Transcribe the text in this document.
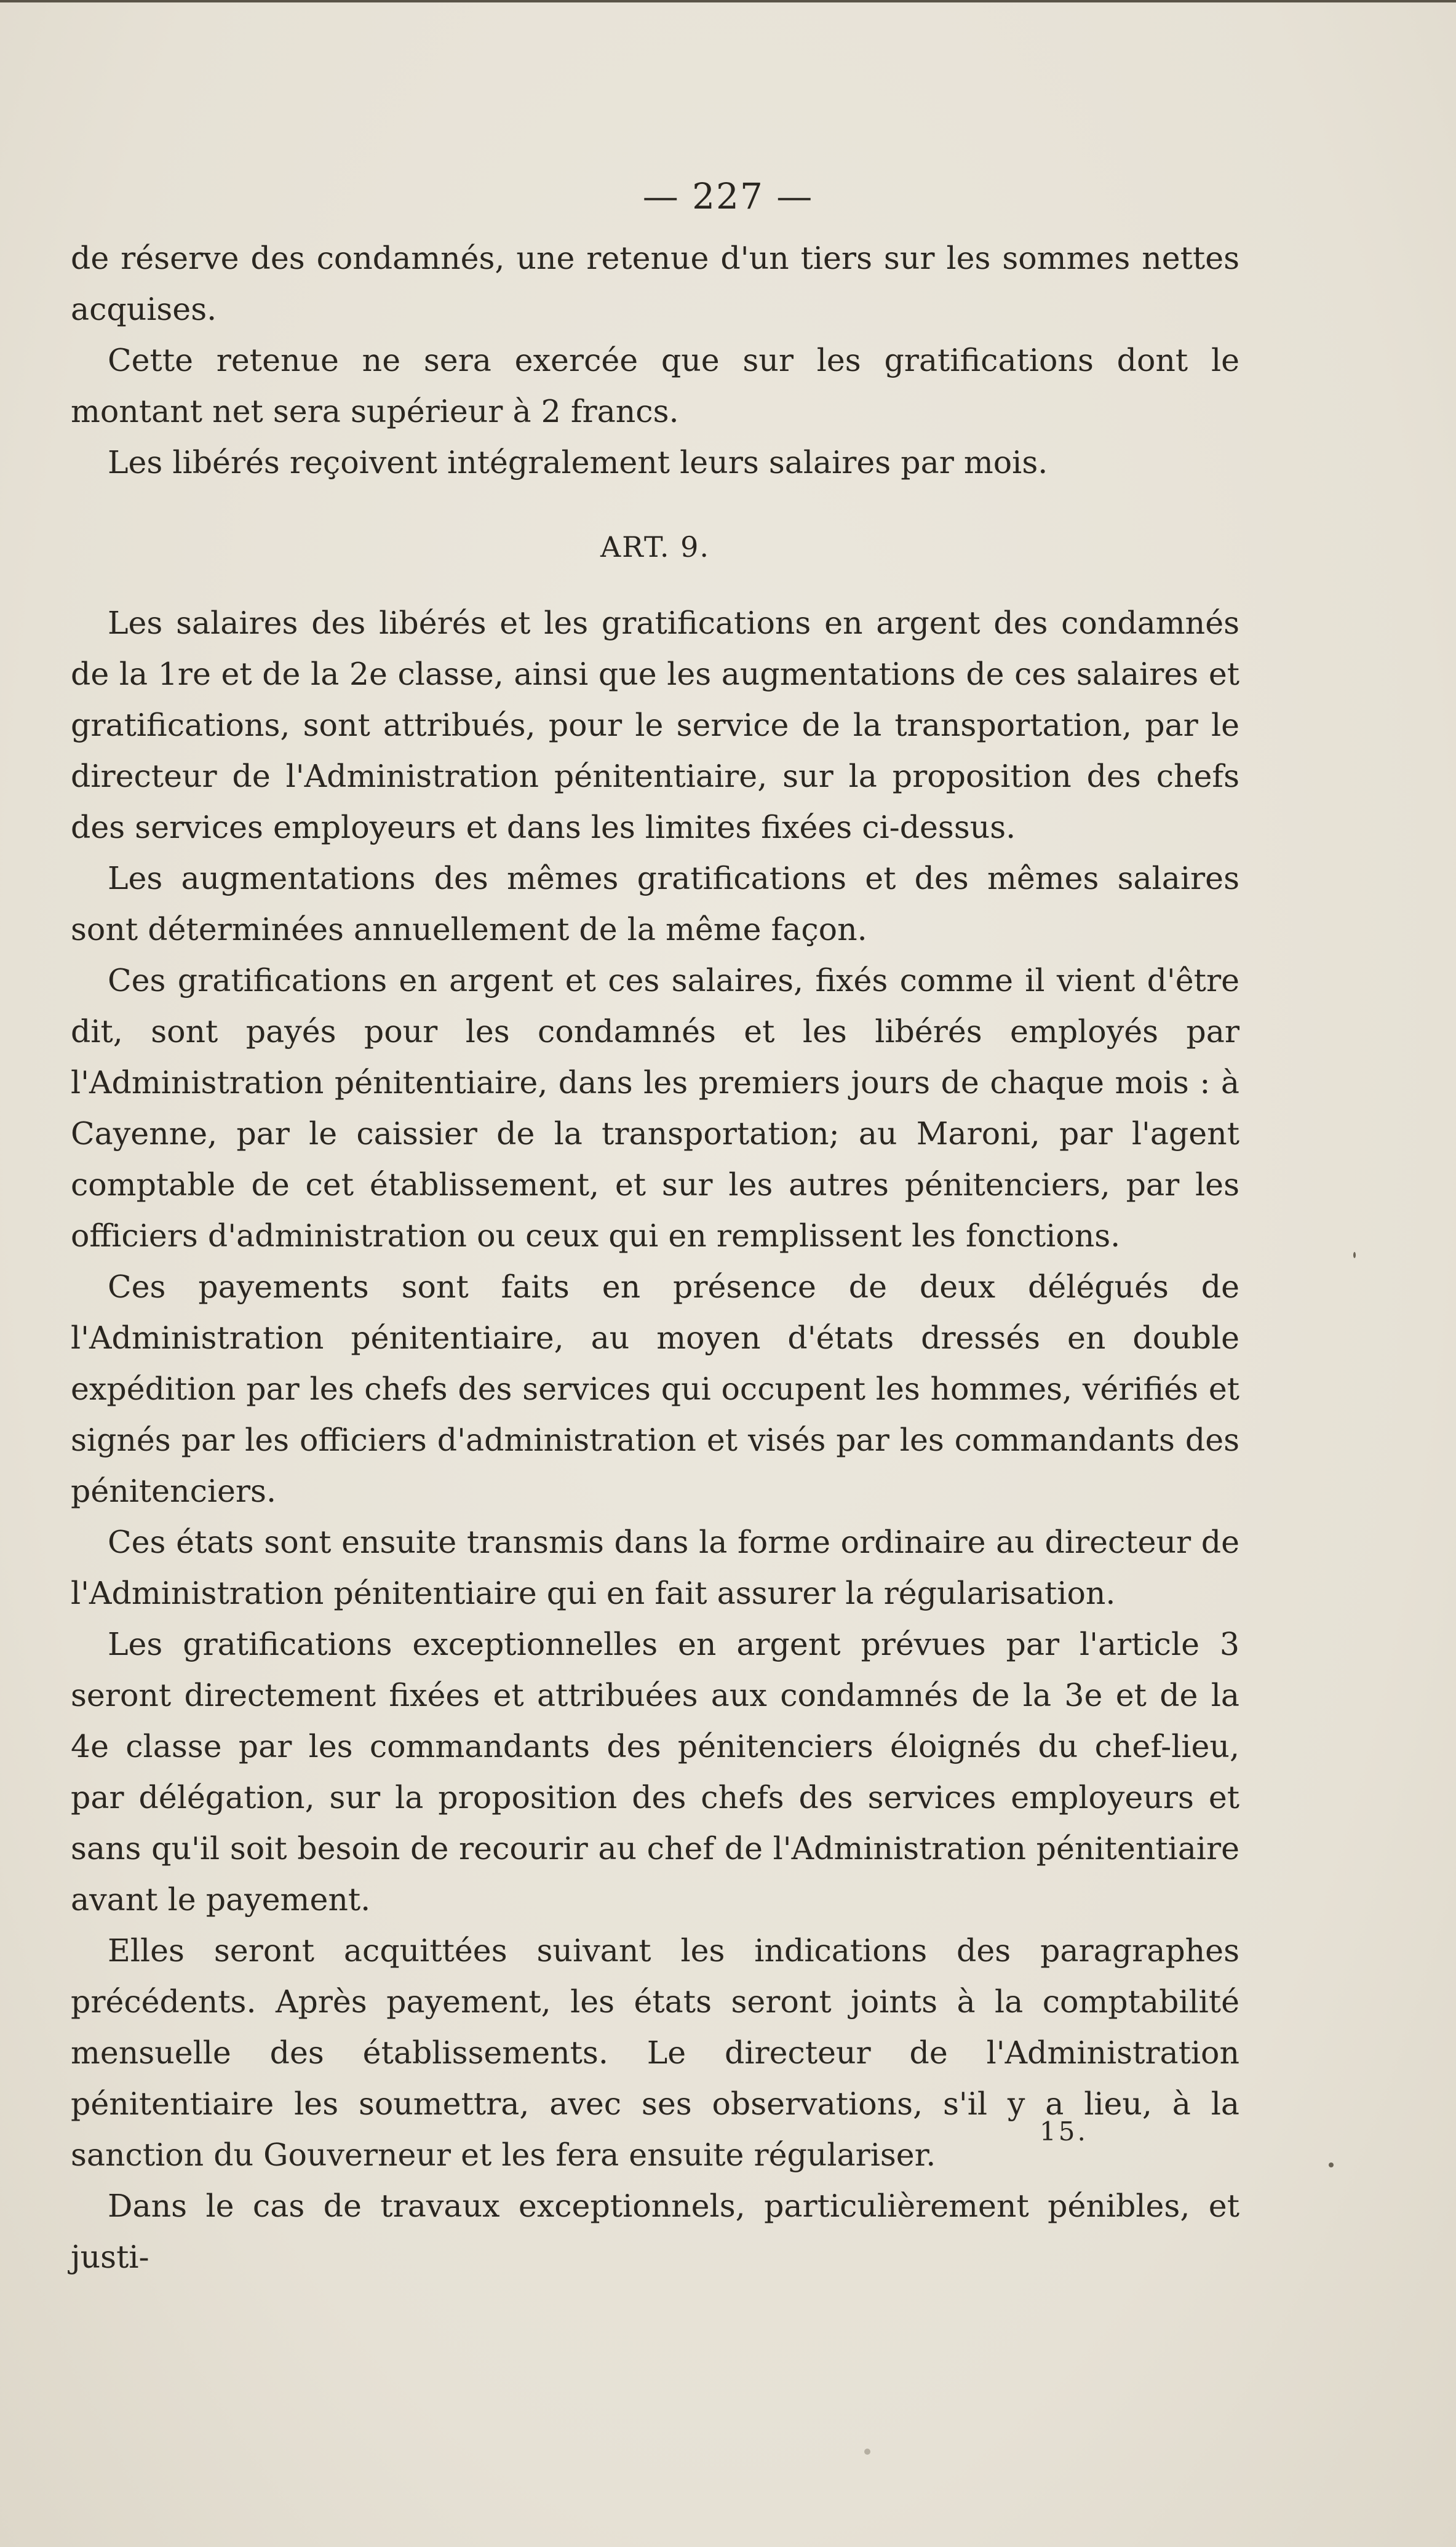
— 227 —

de réserve des condamnés, une retenue d'un tiers sur les sommes nettes acquises.

Cette retenue ne sera exercée que sur les gratifications dont le montant net sera supérieur à 2 francs.

Les libérés reçoivent intégralement leurs salaires par mois.

ART. 9.

Les salaires des libérés et les gratifications en argent des condamnés de la 1re et de la 2e classe, ainsi que les augmentations de ces salaires et gratifications, sont attribués, pour le service de la transportation, par le directeur de l'Administration pénitentiaire, sur la proposition des chefs des services employeurs et dans les limites fixées ci-dessus.

Les augmentations des mêmes gratifications et des mêmes salaires sont déterminées annuellement de la même façon.

Ces gratifications en argent et ces salaires, fixés comme il vient d'être dit, sont payés pour les condamnés et les libérés employés par l'Administration pénitentiaire, dans les premiers jours de chaque mois : à Cayenne, par le caissier de la transportation; au Maroni, par l'agent comptable de cet établissement, et sur les autres pénitenciers, par les officiers d'administration ou ceux qui en remplissent les fonctions.

Ces payements sont faits en présence de deux délégués de l'Administration pénitentiaire, au moyen d'états dressés en double expédition par les chefs des services qui occupent les hommes, vérifiés et signés par les officiers d'administration et visés par les commandants des pénitenciers.

Ces états sont ensuite transmis dans la forme ordinaire au directeur de l'Administration pénitentiaire qui en fait assurer la régularisation.

Les gratifications exceptionnelles en argent prévues par l'article 3 seront directement fixées et attribuées aux condamnés de la 3e et de la 4e classe par les commandants des pénitenciers éloignés du chef-lieu, par délégation, sur la proposition des chefs des services employeurs et sans qu'il soit besoin de recourir au chef de l'Administration pénitentiaire avant le payement.

Elles seront acquittées suivant les indications des paragraphes précédents. Après payement, les états seront joints à la comptabilité mensuelle des établissements. Le directeur de l'Administration pénitentiaire les soumettra, avec ses observations, s'il y a lieu, à la sanction du Gouverneur et les fera ensuite régulariser.

Dans le cas de travaux exceptionnels, particulièrement pénibles, et justi-

15.
